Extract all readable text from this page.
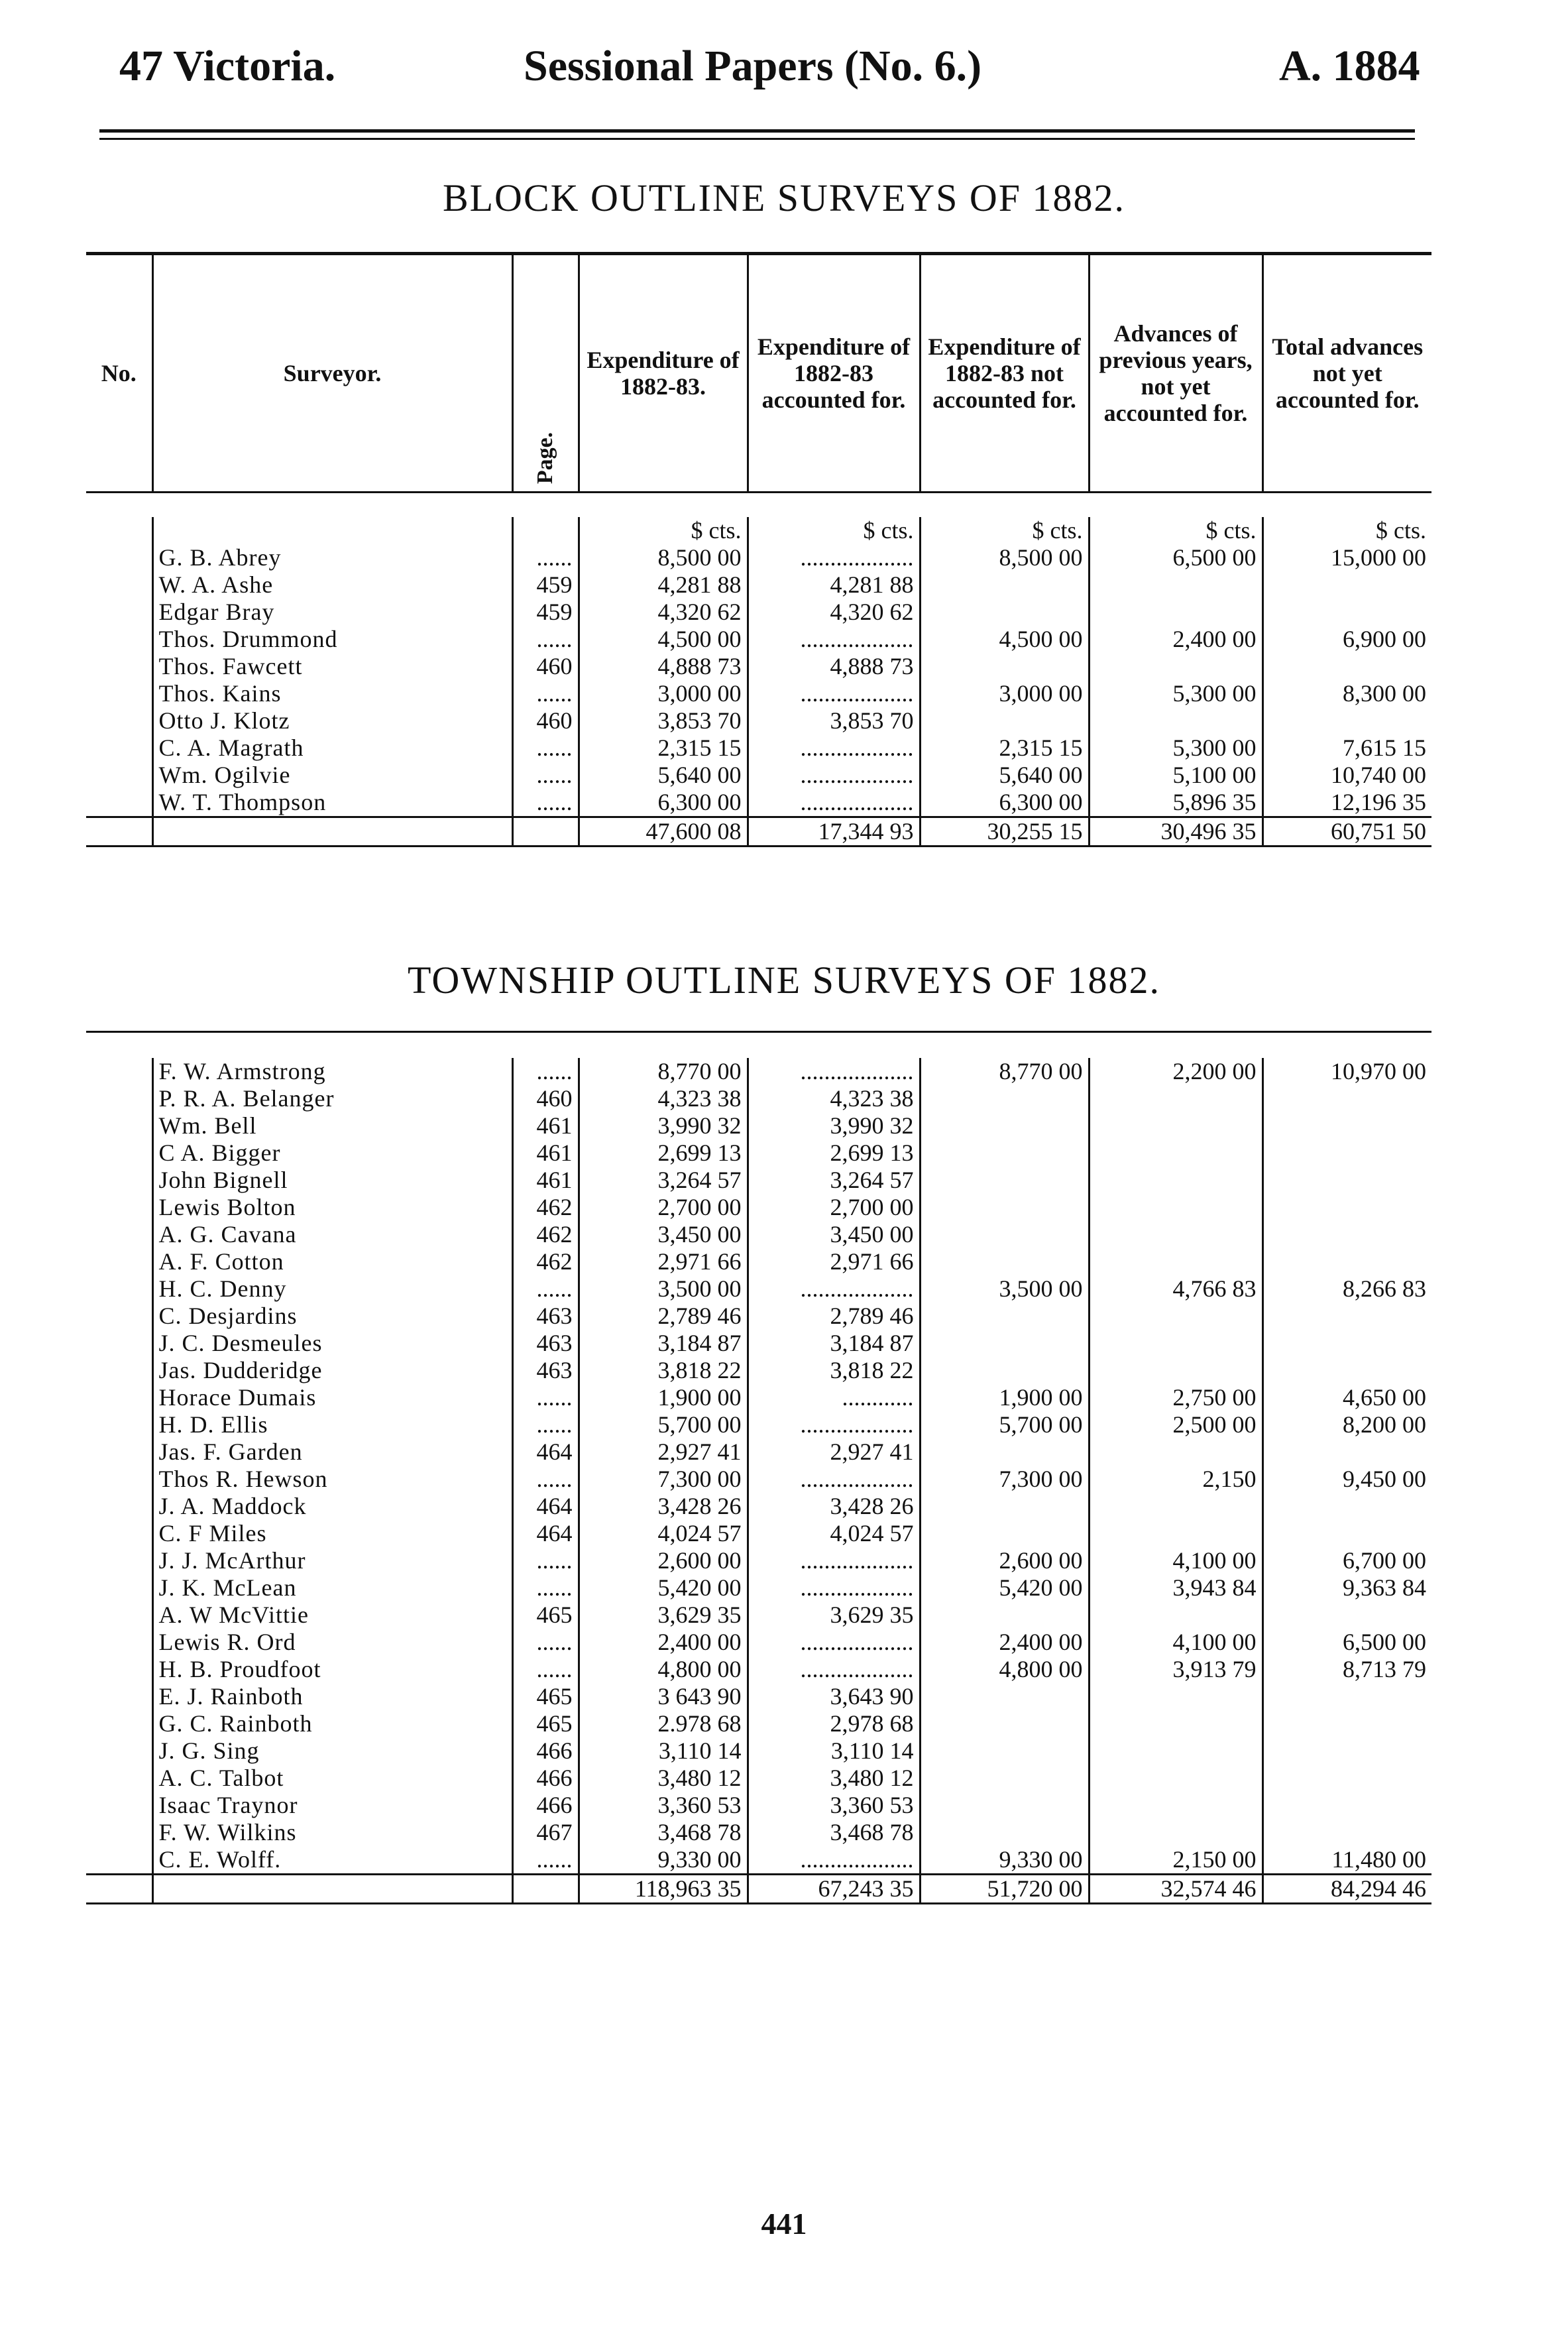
47 Victoria.	Sessional Papers (No. 6.)	A. 1884
BLOCK OUTLINE SURVEYS OF 1882.
No.	Surveyor.	Page.	Expenditure of 1882-83.	Expenditure of 1882-83 accounted for.	Expenditure of 1882-83 not accounted for.	Advances of previous years, not yet accounted for.	Total advances not yet accounted for.

			$ cts.	$ cts.	$ cts.	$ cts.	$ cts.
	G. B. Abrey	......	8,500 00	...................	8,500 00	6,500 00	15,000 00
	W. A. Ashe	459	4,281 88	4,281 88			
	Edgar Bray	459	4,320 62	4,320 62			
	Thos. Drummond	......	4,500 00	...................	4,500 00	2,400 00	6,900 00
	Thos. Fawcett	460	4,888 73	4,888 73			
	Thos. Kains	......	3,000 00	...................	3,000 00	5,300 00	8,300 00
	Otto J. Klotz	460	3,853 70	3,853 70			
	C. A. Magrath	......	2,315 15	...................	2,315 15	5,300 00	7,615 15
	Wm. Ogilvie	......	5,640 00	...................	5,640 00	5,100 00	10,740 00
	W. T. Thompson	......	6,300 00	...................	6,300 00	5,896 35	12,196 35
			47,600 08	17,344 93	30,255 15	30,496 35	60,751 50

TOWNSHIP OUTLINE SURVEYS OF 1882.

	F. W. Armstrong	......	8,770 00	...................	8,770 00	2,200 00	10,970 00
	P. R. A. Belanger	460	4,323 38	4,323 38			
	Wm. Bell	461	3,990 32	3,990 32			
	C A. Bigger	461	2,699 13	2,699 13			
	John Bignell	461	3,264 57	3,264 57			
	Lewis Bolton	462	2,700 00	2,700 00			
	A. G. Cavana	462	3,450 00	3,450 00			
	A. F. Cotton	462	2,971 66	2,971 66			
	H. C. Denny	......	3,500 00	...................	3,500 00	4,766 83	8,266 83
	C. Desjardins	463	2,789 46	2,789 46			
	J. C. Desmeules	463	3,184 87	3,184 87			
	Jas. Dudderidge	463	3,818 22	3,818 22			
	Horace Dumais	......	1,900 00	............	1,900 00	2,750 00	4,650 00
	H. D. Ellis	......	5,700 00	...................	5,700 00	2,500 00	8,200 00
	Jas. F. Garden	464	2,927 41	2,927 41			
	Thos R. Hewson	......	7,300 00	...................	7,300 00	2,150	9,450 00
	J. A. Maddock	464	3,428 26	3,428 26			
	C. F Miles	464	4,024 57	4,024 57			
	J. J. McArthur	......	2,600 00	...................	2,600 00	4,100 00	6,700 00
	J. K. McLean	......	5,420 00	...................	5,420 00	3,943 84	9,363 84
	A. W McVittie	465	3,629 35	3,629 35			
	Lewis R. Ord	......	2,400 00	...................	2,400 00	4,100 00	6,500 00
	H. B. Proudfoot	......	4,800 00	...................	4,800 00	3,913 79	8,713 79
	E. J. Rainboth	465	3 643 90	3,643 90			
	G. C. Rainboth	465	2.978 68	2,978 68			
	J. G. Sing	466	3,110 14	3,110 14			
	A. C. Talbot	466	3,480 12	3,480 12			
	Isaac Traynor	466	3,360 53	3,360 53			
	F. W. Wilkins	467	3,468 78	3,468 78			
	C. E. Wolff.	......	9,330 00	...................	9,330 00	2,150 00	11,480 00
			118,963 35	67,243 35	51,720 00	32,574 46	84,294 46

441
